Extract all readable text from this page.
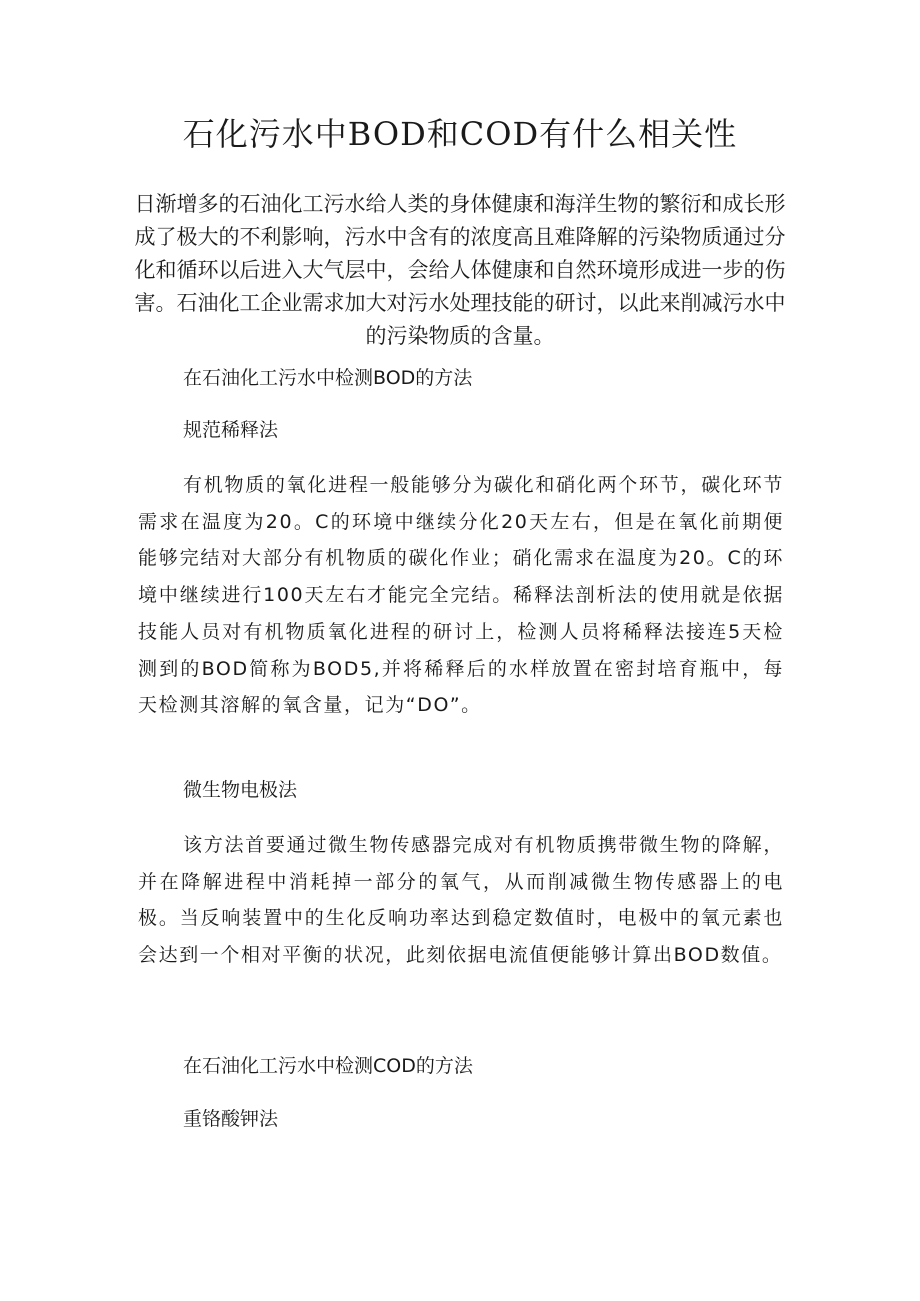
石化污水中BOD和COD有什么相关性

日渐增多的石油化工污水给人类的身体健康和海洋生物的繁衍和成长形成了极大的不利影响，污水中含有的浓度高且难降解的污染物质通过分化和循环以后进入大气层中，会给人体健康和自然环境形成进一步的伤害。石油化工企业需求加大对污水处理技能的研讨，以此来削减污水中的污染物质的含量。

在石油化工污水中检测BOD的方法

规范稀释法

有机物质的氧化进程一般能够分为碳化和硝化两个环节，碳化环节需求在温度为20。C的环境中继续分化20天左右，但是在氧化前期便能够完结对大部分有机物质的碳化作业；硝化需求在温度为20。C的环境中继续进行100天左右才能完全完结。稀释法剖析法的使用就是依据技能人员对有机物质氧化进程的研讨上，检测人员将稀释法接连5天检测到的BOD简称为BOD5,并将稀释后的水样放置在密封培育瓶中，每天检测其溶解的氧含量，记为“DO”。

微生物电极法

该方法首要通过微生物传感器完成对有机物质携带微生物的降解，并在降解进程中消耗掉一部分的氧气，从而削减微生物传感器上的电极。当反响装置中的生化反响功率达到稳定数值时，电极中的氧元素也会达到一个相对平衡的状况，此刻依据电流值便能够计算出BOD数值。

在石油化工污水中检测COD的方法

重铬酸钾法
